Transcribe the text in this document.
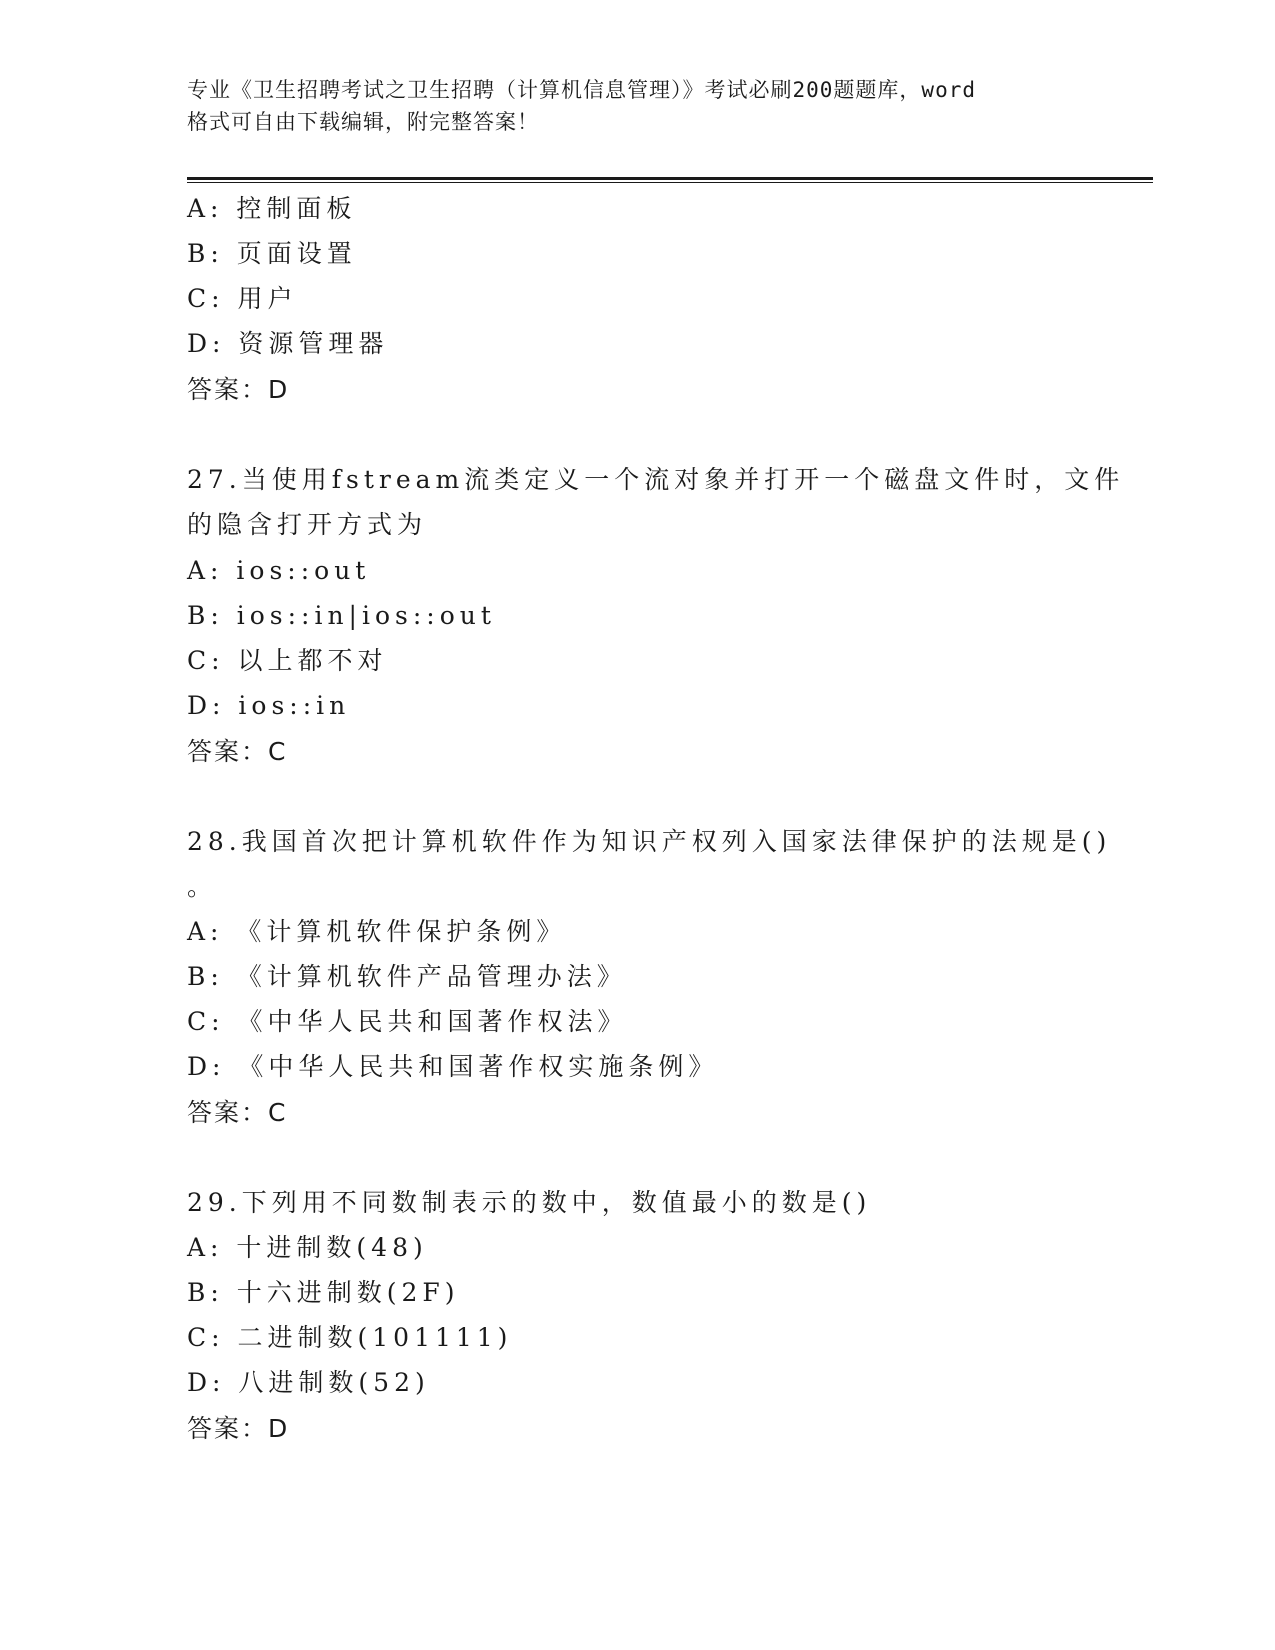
专业《卫生招聘考试之卫生招聘（计算机信息管理）》考试必刷200题题库，word
格式可自由下载编辑，附完整答案！
A: 控制面板
B: 页面设置
C: 用户
D: 资源管理器
答案：D
27.当使用fstream流类定义一个流对象并打开一个磁盘文件时，文件
的隐含打开方式为
A: ios::out
B: ios::in|ios::out
C: 以上都不对
D: ios::in
答案：C
28.我国首次把计算机软件作为知识产权列入国家法律保护的法规是()
。
A: 《计算机软件保护条例》
B: 《计算机软件产品管理办法》
C: 《中华人民共和国著作权法》
D: 《中华人民共和国著作权实施条例》
答案：C
29.下列用不同数制表示的数中，数值最小的数是()
A: 十进制数(48)
B: 十六进制数(2F)
C: 二进制数(101111)
D: 八进制数(52)
答案：D
